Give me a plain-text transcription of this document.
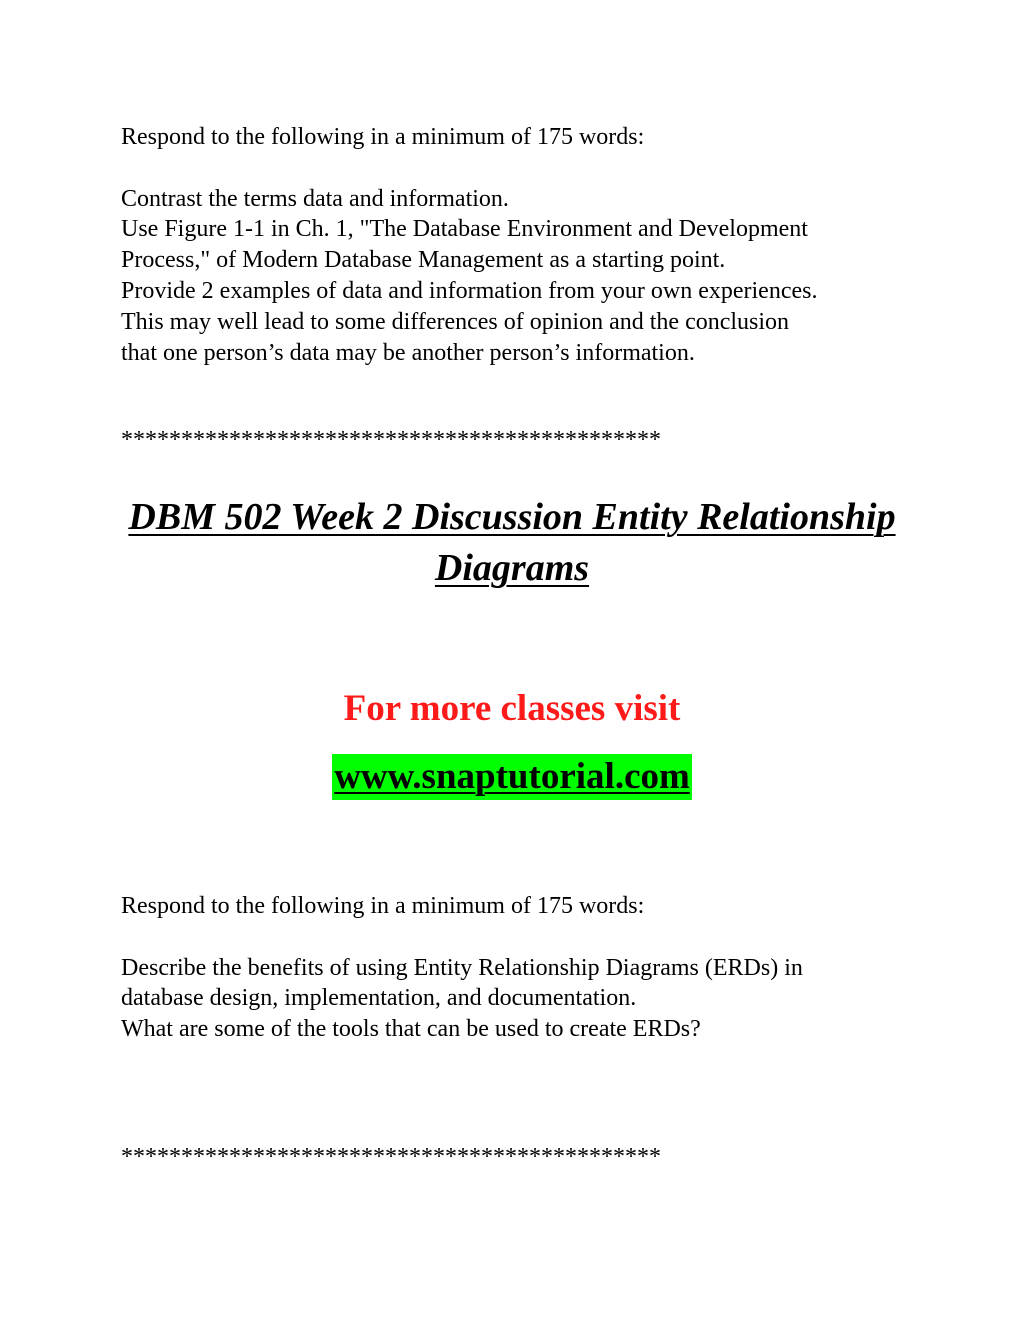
Respond to the following in a minimum of 175 words:

Contrast the terms data and information.

Use Figure 1-1 in Ch. 1, "The Database Environment and Development

Process," of Modern Database Management as a starting point.

Provide 2 examples of data and information from your own experiences.

This may well lead to some differences of opinion and the conclusion

that one person’s data may be another person’s information.

*********************************************

DBM 502 Week 2 Discussion Entity Relationship
Diagrams

For more classes visit

www.snaptutorial.com

Respond to the following in a minimum of 175 words:

Describe the benefits of using Entity Relationship Diagrams (ERDs) in

database design, implementation, and documentation.

What are some of the tools that can be used to create ERDs?

*********************************************
